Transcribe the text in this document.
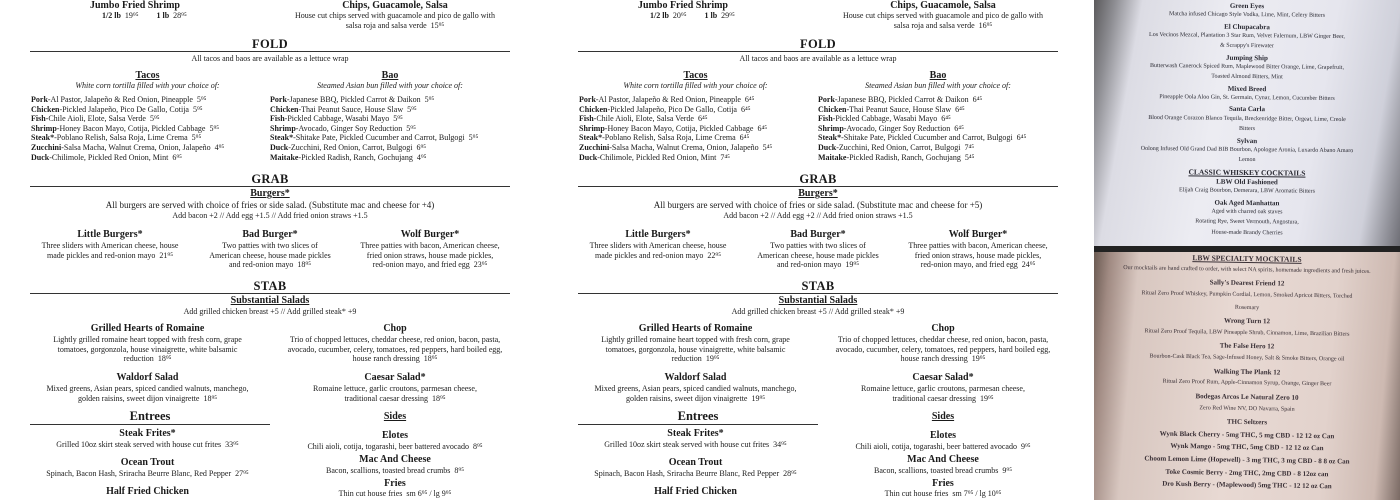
Jumbo Fried Shrimp
1/2 lb 19⁹⁵ 1 lb 28⁹⁵
Chips, Guacamole, Salsa
House cut chips served with guacamole and pico de gallo with
salsa roja and salsa verde 15⁹⁵
FOLD
All tacos and baos are available as a lettuce wrap
Tacos
White corn tortilla filled with your choice of:
Pork-Al Pastor, Jalapeño & Red Onion, Pineapple 5⁹⁵
Chicken-Pickled Jalapeño, Pico De Gallo, Cotija 5⁹⁵
Fish-Chile Aioli, Elote, Salsa Verde 5⁹⁵
Shrimp-Honey Bacon Mayo, Cotija, Pickled Cabbage 5⁹⁵
Steak*-Poblano Relish, Salsa Roja, Lime Crema 5⁹⁵
Zucchini-Salsa Macha, Walnut Crema, Onion, Jalapeño 4⁹⁵
Duck-Chilimole, Pickled Red Onion, Mint 6⁹⁵
Bao
Steamed Asian bun filled with your choice of:
Pork-Japanese BBQ, Pickled Carrot & Daikon 5⁹⁵
Chicken-Thai Peanut Sauce, House Slaw 5⁹⁵
Fish-Pickled Cabbage, Wasabi Mayo 5⁹⁵
Shrimp-Avocado, Ginger Soy Reduction 5⁹⁵
Steak*-Shitake Pate, Pickled Cucumber and Carrot, Bulgogi 5⁹⁵
Duck-Zucchini, Red Onion, Carrot, Bulgogi 6⁹⁵
Maitake-Pickled Radish, Ranch, Gochujang 4⁹⁵
GRAB
Burgers*
All burgers are served with choice of fries or side salad. (Substitute mac and cheese for +4)
Add bacon +2 // Add egg +1.5 // Add fried onion straws +1.5
Little Burgers*
Three sliders with American cheese, house
made pickles and red-onion mayo 21⁹⁵
Bad Burger*
Two patties with two slices of
American cheese, house made pickles
and red-onion mayo 18⁹⁵
Wolf Burger*
Three patties with bacon, American cheese,
fried onion straws, house made pickles,
red-onion mayo, and fried egg 23⁹⁵
STAB
Substantial Salads
Add grilled chicken breast +5 // Add grilled steak* +9
Grilled Hearts of Romaine
Lightly grilled romaine heart topped with fresh corn, grape
tomatoes, gorgonzola, house vinaigrette, white balsamic
reduction 18⁹⁵
Chop
Trio of chopped lettuces, cheddar cheese, red onion, bacon, pasta,
avocado, cucumber, celery, tomatoes, red peppers, hard boiled egg,
house ranch dressing 18⁹⁵
Waldorf Salad
Mixed greens, Asian pears, spiced candied walnuts, manchego,
golden raisins, sweet dijon vinaigrette 18⁹⁵
Caesar Salad*
Romaine lettuce, garlic croutons, parmesan cheese,
traditional caesar dressing 18⁹⁵
Entrees
Steak Frites*
Grilled 10oz skirt steak served with house cut frites 33⁹⁵
Ocean Trout
Spinach, Bacon Hash, Sriracha Beurre Blanc, Red Pepper 27⁹⁵
Half Fried Chicken
Sides
Elotes
Chili aioli, cotija, togarashi, beer battered avocado 8⁹⁵
Mac And Cheese
Bacon, scallions, toasted bread crumbs 8⁹⁵
Fries
Thin cut house fries sm 6⁹⁵ / lg 9⁹⁵
Jumbo Fried Shrimp
1/2 lb 20⁹⁵ 1 lb 29⁹⁵
Chips, Guacamole, Salsa
House cut chips served with guacamole and pico de gallo with
salsa roja and salsa verde 16⁹⁵
FOLD
All tacos and baos are available as a lettuce wrap
Tacos
White corn tortilla filled with your choice of:
Pork-Al Pastor, Jalapeño & Red Onion, Pineapple 6⁴⁵
Chicken-Pickled Jalapeño, Pico De Gallo, Cotija 6⁴⁵
Fish-Chile Aioli, Elote, Salsa Verde 6⁴⁵
Shrimp-Honey Bacon Mayo, Cotija, Pickled Cabbage 6⁴⁵
Steak*-Poblano Relish, Salsa Roja, Lime Crema 6⁴⁵
Zucchini-Salsa Macha, Walnut Crema, Onion, Jalapeño 5⁴⁵
Duck-Chilimole, Pickled Red Onion, Mint 7⁴⁵
Bao
Steamed Asian bun filled with your choice of:
Pork-Japanese BBQ, Pickled Carrot & Daikon 6⁴⁵
Chicken-Thai Peanut Sauce, House Slaw 6⁴⁵
Fish-Pickled Cabbage, Wasabi Mayo 6⁴⁵
Shrimp-Avocado, Ginger Soy Reduction 6⁴⁵
Steak*-Shitake Pate, Pickled Cucumber and Carrot, Bulgogi 6⁴⁵
Duck-Zucchini, Red Onion, Carrot, Bulgogi 7⁴⁵
Maitake-Pickled Radish, Ranch, Gochujang 5⁴⁵
GRAB
Burgers*
All burgers are served with choice of fries or side salad. (Substitute mac and cheese for +5)
Add bacon +2 // Add egg +2 // Add fried onion straws +1.5
Little Burgers*
Three sliders with American cheese, house
made pickles and red-onion mayo 22⁹⁵
Bad Burger*
Two patties with two slices of
American cheese, house made pickles
and red-onion mayo 19⁹⁵
Wolf Burger*
Three patties with bacon, American cheese,
fried onion straws, house made pickles,
red-onion mayo, and fried egg 24⁹⁵
STAB
Substantial Salads
Add grilled chicken breast +5 // Add grilled steak* +9
Grilled Hearts of Romaine
Lightly grilled romaine heart topped with fresh corn, grape
tomatoes, gorgonzola, house vinaigrette, white balsamic
reduction 19⁹⁵
Chop
Trio of chopped lettuces, cheddar cheese, red onion, bacon, pasta,
avocado, cucumber, celery, tomatoes, red peppers, hard boiled egg,
house ranch dressing 19⁹⁵
Waldorf Salad
Mixed greens, Asian pears, spiced candied walnuts, manchego,
golden raisins, sweet dijon vinaigrette 19⁹⁵
Caesar Salad*
Romaine lettuce, garlic croutons, parmesan cheese,
traditional caesar dressing 19⁹⁵
Entrees
Steak Frites*
Grilled 10oz skirt steak served with house cut frites 34⁹⁵
Ocean Trout
Spinach, Bacon Hash, Sriracha Beurre Blanc, Red Pepper 28⁹⁵
Half Fried Chicken
Sides
Elotes
Chili aioli, cotija, togarashi, beer battered avocado 9⁹⁵
Mac And Cheese
Bacon, scallions, toasted bread crumbs 9⁹⁵
Fries
Thin cut house fries sm 7⁹⁵ / lg 10⁹⁵
Green Eyes
Matcha infused Chicago Style Vodka, Lime, Mint, Celery Bitters
El Chupacabra
Los Vecinos Mezcal, Plantation 3 Star Rum, Velvet Falernum, LBW Ginger Beer,
& Scrappy's Firewater
Jumping Ship
Butterwash Canerock Spiced Rum, Maplewood Bitter Orange, Lime, Grapefruit,
Toasted Almond Bitters, Mint
Mixed Breed
Pineapple Oola Aloo Gin, St. Germain, Cynar, Lemon, Cucumber Bitters
Santa Carla
Blood Orange Corazon Blanco Tequila, Breckenridge Bitter, Orgeat, Lime, Creole
Bitters
Sylvan
Oolong Infused Old Grand Dad BIB Bourbon, Apologue Aronia, Luxardo Abano Amaro
Lemon
CLASSIC WHISKEY COCKTAILS
LBW Old Fashioned
Elijah Craig Bourbon, Demerara, LBW Aromatic Bitters
Oak Aged Manhattan
Aged with charred oak staves
Rotating Rye, Sweet Vermouth, Angostura,
House-made Brandy Cherries
LBW SPECIALTY MOCKTAILS
Our mocktails are hand crafted to order, with select NA spirits, homemade ingredients and fresh juices.
Sally's Dearest Friend 12
Ritual Zero Proof Whiskey, Pumpkin Cordial, Lemon, Smoked Apricot Bitters, Torched
Rosemary
Wrong Turn 12
Ritual Zero Proof Tequila, LBW Pineapple Shrub, Cinnamon, Lime, Brazilian Bitters
The False Hero 12
Bourbon-Cask Black Tea, Sage-Infused Honey, Salt & Smoke Bitters, Orange oil
Walking The Plank 12
Ritual Zero Proof Rum, Apple-Cinnamon Syrup, Orange, Ginger Beer
Bodegas Arcos Le Natural Zero 10
Zero Red Wine NV, DO Navarra, Spain
THC Seltzers
Wynk Black Cherry - 5mg THC, 5 mg CBD - 12 12 oz Can
Wynk Mango - 5mg THC, 5mg CBD - 12 12 oz Can
Choom Lemon Lime (Hopewell) - 3 mg THC, 3 mg CBD - 8 8 oz Can
Toke Cosmic Berry - 2mg THC, 2mg CBD - 8 12oz can
Dro Kush Berry - (Maplewood) 5mg THC - 12 12 oz Can
